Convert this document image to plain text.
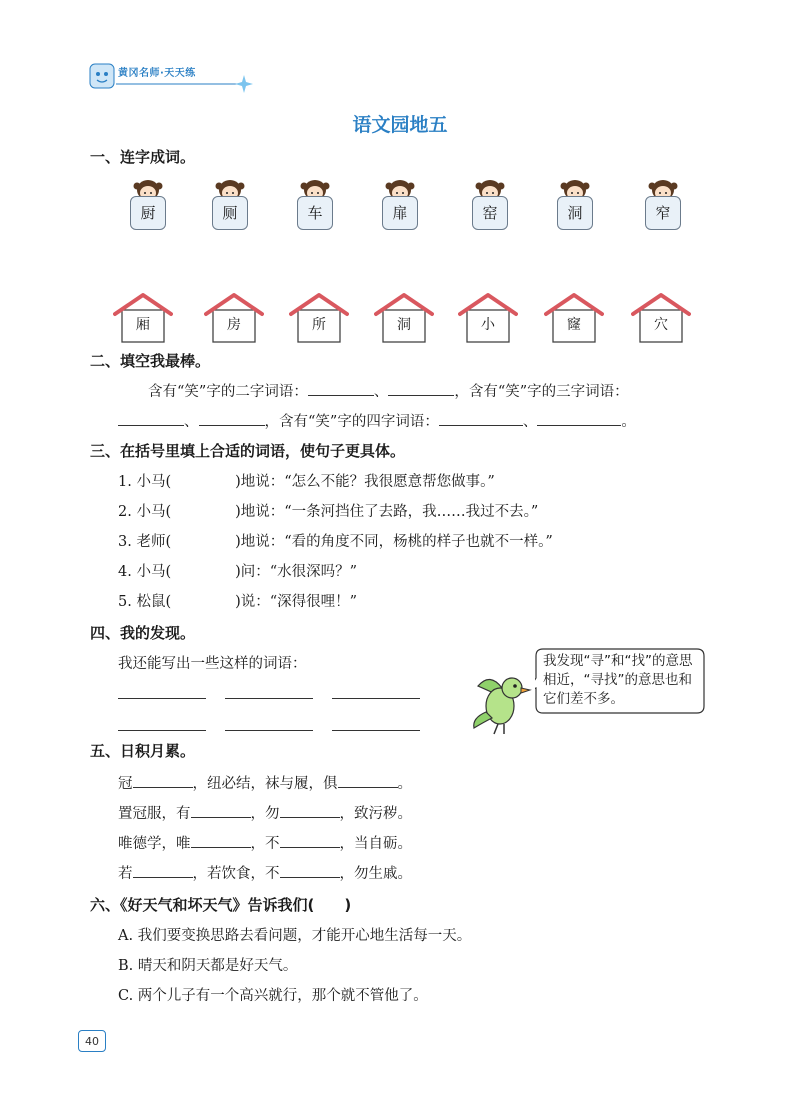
黄冈名师·天天练
语文园地五
一、连字成词。
厨	厕	车	扉	窑	洞	窄
厢	房	所	洞	小	窿	穴
二、填空我最棒。
含有“笑”字的二字词语：	、	，含有“笑”字的三字词语：
、	，含有“笑”字的四字词语：	、	。
三、在括号里填上合适的词语，使句子更具体。
1. 小马(	)地说：“怎么不能？我很愿意帮您做事。”
2. 小马(	)地说：“一条河挡住了去路，我……我过不去。”
3. 老师(	)地说：“看的角度不同，杨桃的样子也就不一样。”
4. 小马(	)问：“水很深吗？”
5. 松鼠(	)说：“深得很哩！”
四、我的发现。
我还能写出一些这样的词语：	我发现“寻”和“找”的意思相近，“寻找”的意思也和它们差不多。
五、日积月累。
冠	，纽必结，袜与履，俱	。
置冠服，有	，勿	，致污秽。
唯德学，唯	，不	，当自砺。
若	，若饮食，不	，勿生戚。
六、《好天气和坏天气》告诉我们(　　)
A. 我们要变换思路去看问题，才能开心地生活每一天。
B. 晴天和阴天都是好天气。
C. 两个儿子有一个高兴就行，那个就不管他了。
40
